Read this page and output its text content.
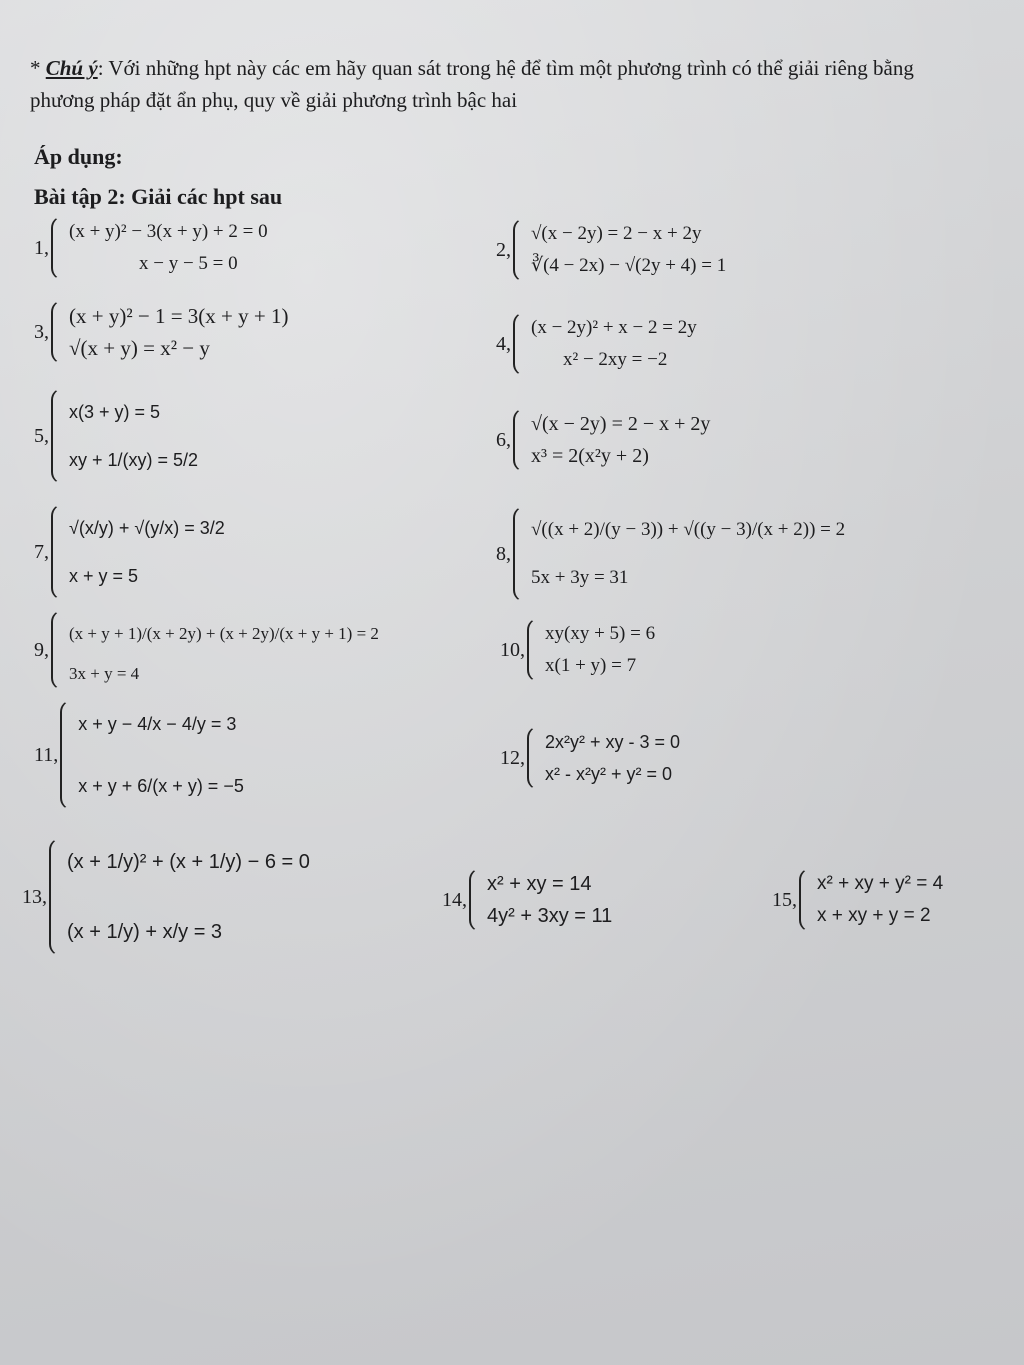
* Chú ý: Với những hpt này các em hãy quan sát trong hệ để tìm một phương trình có thể giải riêng bằng phương pháp đặt ẩn phụ, quy về giải phương trình bậc hai
Áp dụng:
Bài tập 2: Giải các hpt sau
1,
(x + y)² − 3(x + y) + 2 = 0
x − y − 5 = 0
2,
√(x − 2y) = 2 − x + 2y
∛(4 − 2x) − √(2y + 4) = 1
3,
(x + y)² − 1 = 3(x + y + 1)
√(x + y) = x² − y	4,
(x − 2y)² + x − 2 = 2y
x² − 2xy = −2
5,
x(3 + y) = 5
xy + 1/(xy) = 5/2
6,
√(x − 2y) = 2 − x + 2y
x³ = 2(x²y + 2)
7,
√(x/y) + √(y/x) = 3/2
x + y = 5
8,
√((x + 2)/(y − 3)) + √((y − 3)/(x + 2)) = 2
5x + 3y = 31
9,
(x + y + 1)/(x + 2y) + (x + 2y)/(x + y + 1) = 2
3x + y = 4
10,
xy(xy + 5) = 6
x(1 + y) = 7
11,
x + y − 4/x − 4/y = 3
x + y + 6/(x + y) = −5
12,
2x²y² + xy - 3 = 0
x² - x²y² + y² = 0
13,
(x + 1/y)² + (x + 1/y) − 6 = 0
(x + 1/y) + x/y = 3
14,
x² + xy = 14
4y² + 3xy = 11
15,
x² + xy + y² = 4
x + xy + y = 2
